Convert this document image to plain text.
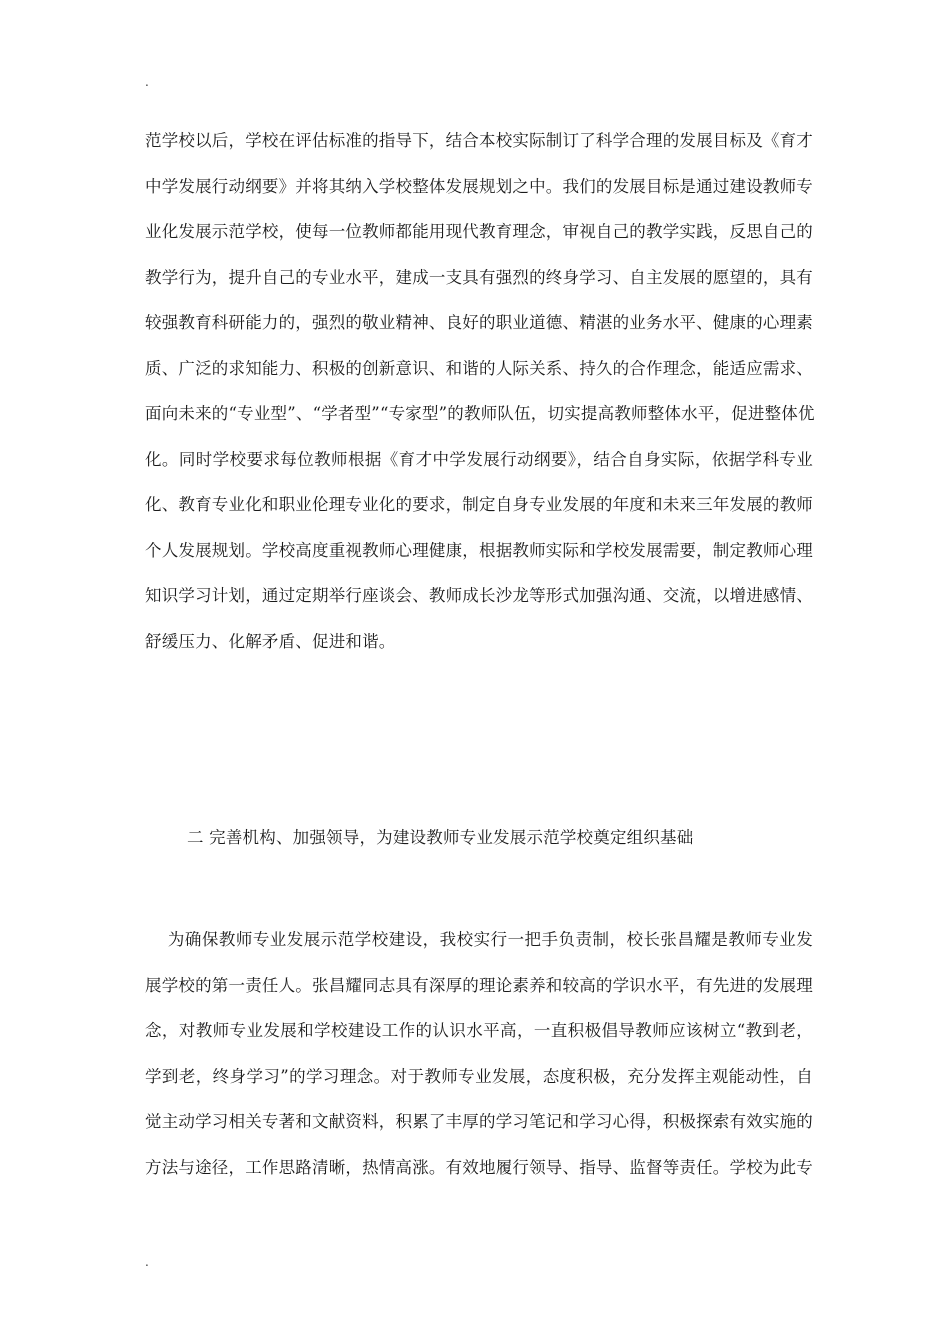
.
范学校以后，学校在评估标准的指导下，结合本校实际制订了科学合理的发展目标及《育才
中学发展行动纲要》并将其纳入学校整体发展规划之中。我们的发展目标是通过建设教师专
业化发展示范学校，使每一位教师都能用现代教育理念，审视自己的教学实践，反思自己的
教学行为，提升自己的专业水平，建成一支具有强烈的终身学习、自主发展的愿望的，具有
较强教育科研能力的，强烈的敬业精神、良好的职业道德、精湛的业务水平、健康的心理素
质、广泛的求知能力、积极的创新意识、和谐的人际关系、持久的合作理念，能适应需求、
面向未来的“专业型”、“学者型”“专家型”的教师队伍，切实提高教师整体水平，促进整体优
化。同时学校要求每位教师根据《育才中学发展行动纲要》，结合自身实际，依据学科专业
化、教育专业化和职业伦理专业化的要求，制定自身专业发展的年度和未来三年发展的教师
个人发展规划。学校高度重视教师心理健康，根据教师实际和学校发展需要，制定教师心理
知识学习计划，通过定期举行座谈会、教师成长沙龙等形式加强沟通、交流，以增进感情、
舒缓压力、化解矛盾、促进和谐。
二 完善机构、加强领导，为建设教师专业发展示范学校奠定组织基础
为确保教师专业发展示范学校建设，我校实行一把手负责制，校长张昌耀是教师专业发
展学校的第一责任人。张昌耀同志具有深厚的理论素养和较高的学识水平，有先进的发展理
念，对教师专业发展和学校建设工作的认识水平高，一直积极倡导教师应该树立“教到老，
学到老，终身学习”的学习理念。对于教师专业发展，态度积极，充分发挥主观能动性，自
觉主动学习相关专著和文献资料，积累了丰厚的学习笔记和学习心得，积极探索有效实施的
方法与途径，工作思路清晰，热情高涨。有效地履行领导、指导、监督等责任。学校为此专
.
